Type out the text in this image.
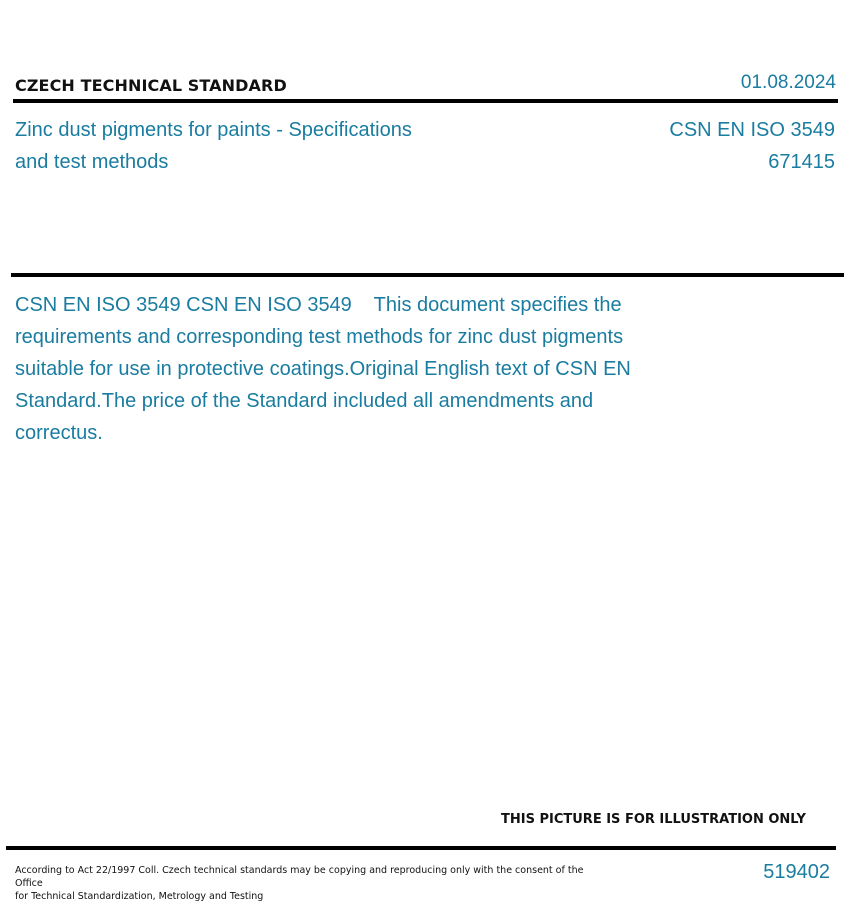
CZECH TECHNICAL STANDARD	01.08.2024
Zinc dust pigments for paints - Specifications
and test methods
CSN EN ISO 3549
671415
CSN EN ISO 3549 CSN EN ISO 3549    This document specifies the requirements and corresponding test methods for zinc dust pigments suitable for use in protective coatings.Original English text of CSN EN Standard.The price of the Standard included all amendments and correctus.
THIS PICTURE IS FOR ILLUSTRATION ONLY
According to Act 22/1997 Coll. Czech technical standards may be copying and reproducing only with the consent of the Office
for Technical Standardization, Metrology and Testing
519402
